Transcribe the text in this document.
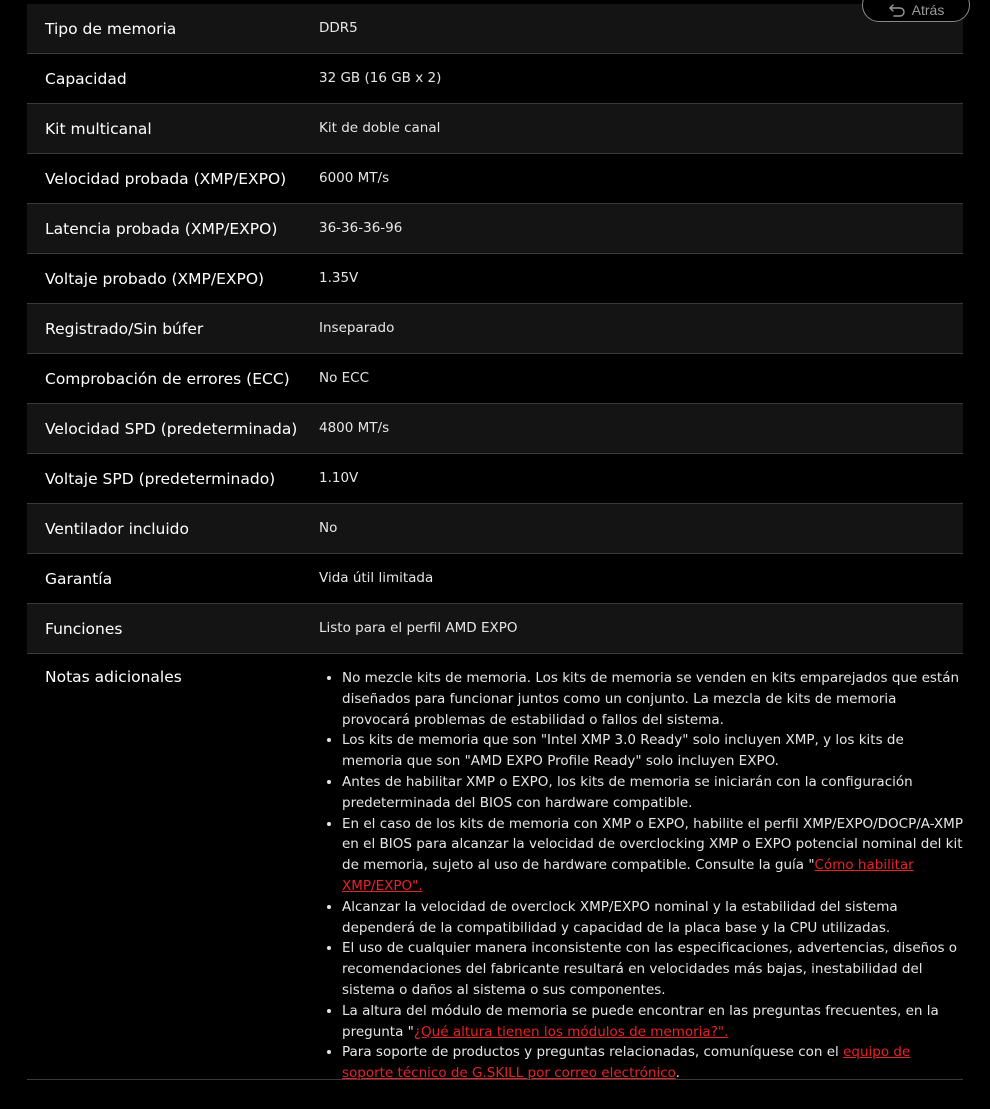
Atrás
Tipo de memoria	DDR5
Capacidad	32 GB (16 GB x 2)
Kit multicanal	Kit de doble canal
Velocidad probada (XMP/EXPO)	6000 MT/s
Latencia probada (XMP/EXPO)	36-36-36-96
Voltaje probado (XMP/EXPO)	1.35V
Registrado/Sin búfer	Inseparado
Comprobación de errores (ECC)	No ECC
Velocidad SPD (predeterminada)	4800 MT/s
Voltaje SPD (predeterminado)	1.10V
Ventilador incluido	No
Garantía	Vida útil limitada
Funciones	Listo para el perfil AMD EXPO
Notas adicionales
•	No mezcle kits de memoria. Los kits de memoria se venden en kits emparejados que están diseñados para funcionar juntos como un conjunto. La mezcla de kits de memoria provocará problemas de estabilidad o fallos del sistema.
• Los kits de memoria que son "Intel XMP 3.0 Ready" solo incluyen XMP, y los kits de memoria que son "AMD EXPO Profile Ready" solo incluyen EXPO.
• Antes de habilitar XMP o EXPO, los kits de memoria se iniciarán con la configuración predeterminada del BIOS con hardware compatible.
• En el caso de los kits de memoria con XMP o EXPO, habilite el perfil XMP/EXPO/DOCP/A-XMP en el BIOS para alcanzar la velocidad de overclocking XMP o EXPO potencial nominal del kit de memoria, sujeto al uso de hardware compatible. Consulte la guía "Cómo habilitar XMP/EXPO".
• Alcanzar la velocidad de overclock XMP/EXPO nominal y la estabilidad del sistema dependerá de la compatibilidad y capacidad de la placa base y la CPU utilizadas.
• El uso de cualquier manera inconsistente con las especificaciones, advertencias, diseños o recomendaciones del fabricante resultará en velocidades más bajas, inestabilidad del sistema o daños al sistema o sus componentes.
• La altura del módulo de memoria se puede encontrar en las preguntas frecuentes, en la pregunta "¿Qué altura tienen los módulos de memoria?".
• Para soporte de productos y preguntas relacionadas, comuníquese con el equipo de soporte técnico de G.SKILL por correo electrónico.
